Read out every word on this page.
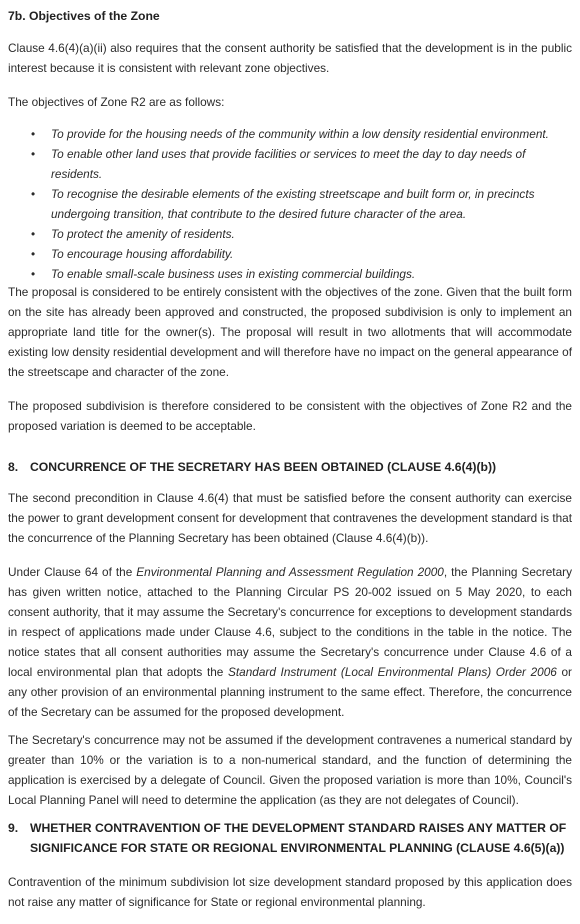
7b. Objectives of the Zone

Clause 4.6(4)(a)(ii) also requires that the consent authority be satisfied that the development is in the public interest because it is consistent with relevant zone objectives.

The objectives of Zone R2 are as follows:

• To provide for the housing needs of the community within a low density residential environment.
• To enable other land uses that provide facilities or services to meet the day to day needs of residents.
• To recognise the desirable elements of the existing streetscape and built form or, in precincts undergoing transition, that contribute to the desired future character of the area.
• To protect the amenity of residents.
• To encourage housing affordability.
• To enable small-scale business uses in existing commercial buildings.

The proposal is considered to be entirely consistent with the objectives of the zone. Given that the built form on the site has already been approved and constructed, the proposed subdivision is only to implement an appropriate land title for the owner(s). The proposal will result in two allotments that will accommodate existing low density residential development and will therefore have no impact on the general appearance of the streetscape and character of the zone.

The proposed subdivision is therefore considered to be consistent with the objectives of Zone R2 and the proposed variation is deemed to be acceptable.

8. CONCURRENCE OF THE SECRETARY HAS BEEN OBTAINED (CLAUSE 4.6(4)(b))

The second precondition in Clause 4.6(4) that must be satisfied before the consent authority can exercise the power to grant development consent for development that contravenes the development standard is that the concurrence of the Planning Secretary has been obtained (Clause 4.6(4)(b)).

Under Clause 64 of the Environmental Planning and Assessment Regulation 2000, the Planning Secretary has given written notice, attached to the Planning Circular PS 20-002 issued on 5 May 2020, to each consent authority, that it may assume the Secretary's concurrence for exceptions to development standards in respect of applications made under Clause 4.6, subject to the conditions in the table in the notice. The notice states that all consent authorities may assume the Secretary's concurrence under Clause 4.6 of a local environmental plan that adopts the Standard Instrument (Local Environmental Plans) Order 2006 or any other provision of an environmental planning instrument to the same effect. Therefore, the concurrence of the Secretary can be assumed for the proposed development.

The Secretary's concurrence may not be assumed if the development contravenes a numerical standard by greater than 10% or the variation is to a non-numerical standard, and the function of determining the application is exercised by a delegate of Council. Given the proposed variation is more than 10%, Council's Local Planning Panel will need to determine the application (as they are not delegates of Council).

9. WHETHER CONTRAVENTION OF THE DEVELOPMENT STANDARD RAISES ANY MATTER OF SIGNIFICANCE FOR STATE OR REGIONAL ENVIRONMENTAL PLANNING (CLAUSE 4.6(5)(a))

Contravention of the minimum subdivision lot size development standard proposed by this application does not raise any matter of significance for State or regional environmental planning.
